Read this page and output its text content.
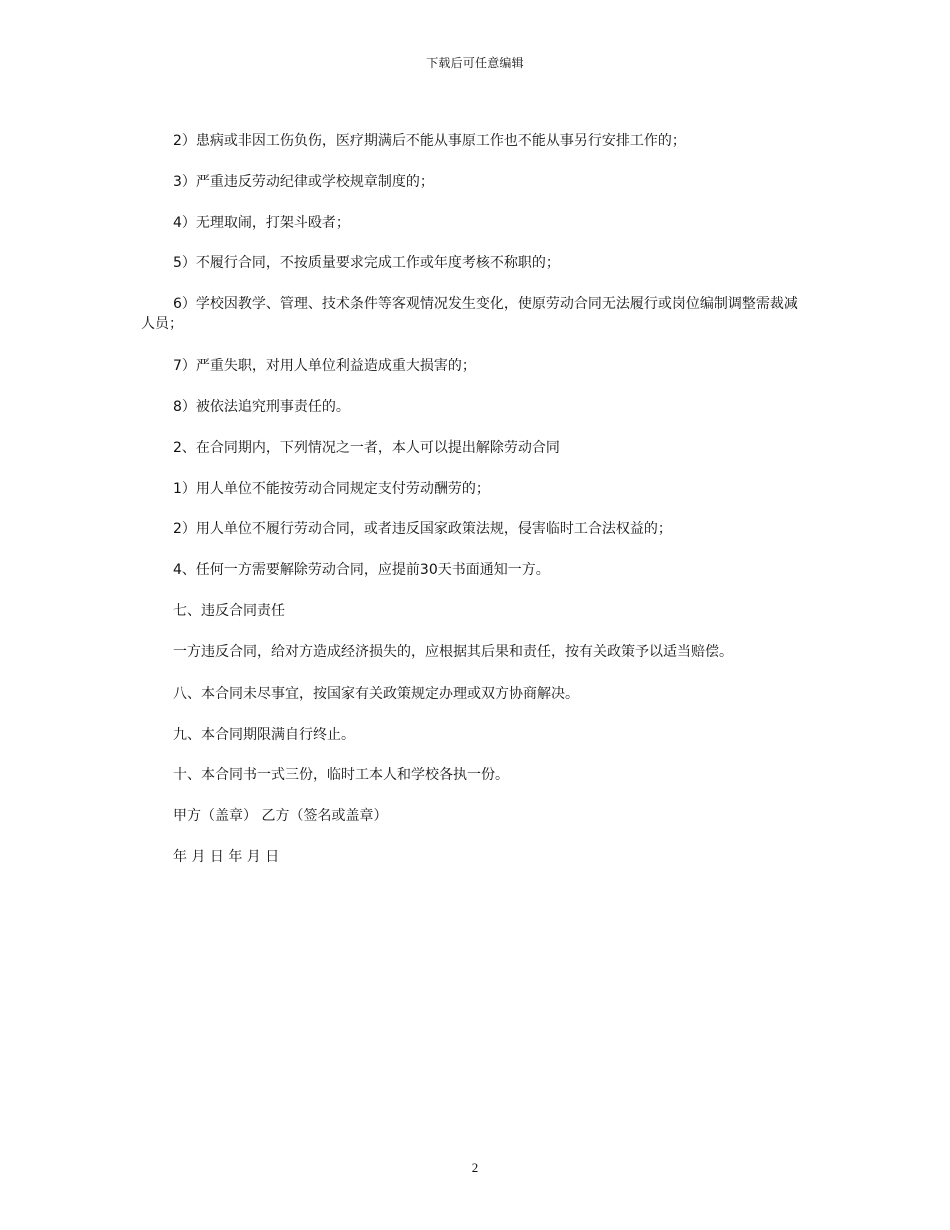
下载后可任意编辑

2）患病或非因工伤负伤，医疗期满后不能从事原工作也不能从事另行安排工作的；

3）严重违反劳动纪律或学校规章制度的；

4）无理取闹，打架斗殴者；

5）不履行合同，不按质量要求完成工作或年度考核不称职的；

6）学校因教学、管理、技术条件等客观情况发生变化，使原劳动合同无法履行或岗位编制调整需裁减人员；

7）严重失职，对用人单位利益造成重大损害的；

8）被依法追究刑事责任的。

2、在合同期内，下列情况之一者，本人可以提出解除劳动合同

1）用人单位不能按劳动合同规定支付劳动酬劳的；

2）用人单位不履行劳动合同，或者违反国家政策法规，侵害临时工合法权益的；

4、任何一方需要解除劳动合同，应提前30天书面通知一方。

七、违反合同责任

一方违反合同，给对方造成经济损失的，应根据其后果和责任，按有关政策予以适当赔偿。

八、本合同未尽事宜，按国家有关政策规定办理或双方协商解决。

九、本合同期限满自行终止。

十、本合同书一式三份，临时工本人和学校各执一份。

甲方（盖章） 乙方（签名或盖章）

年 月 日 年 月 日

2
